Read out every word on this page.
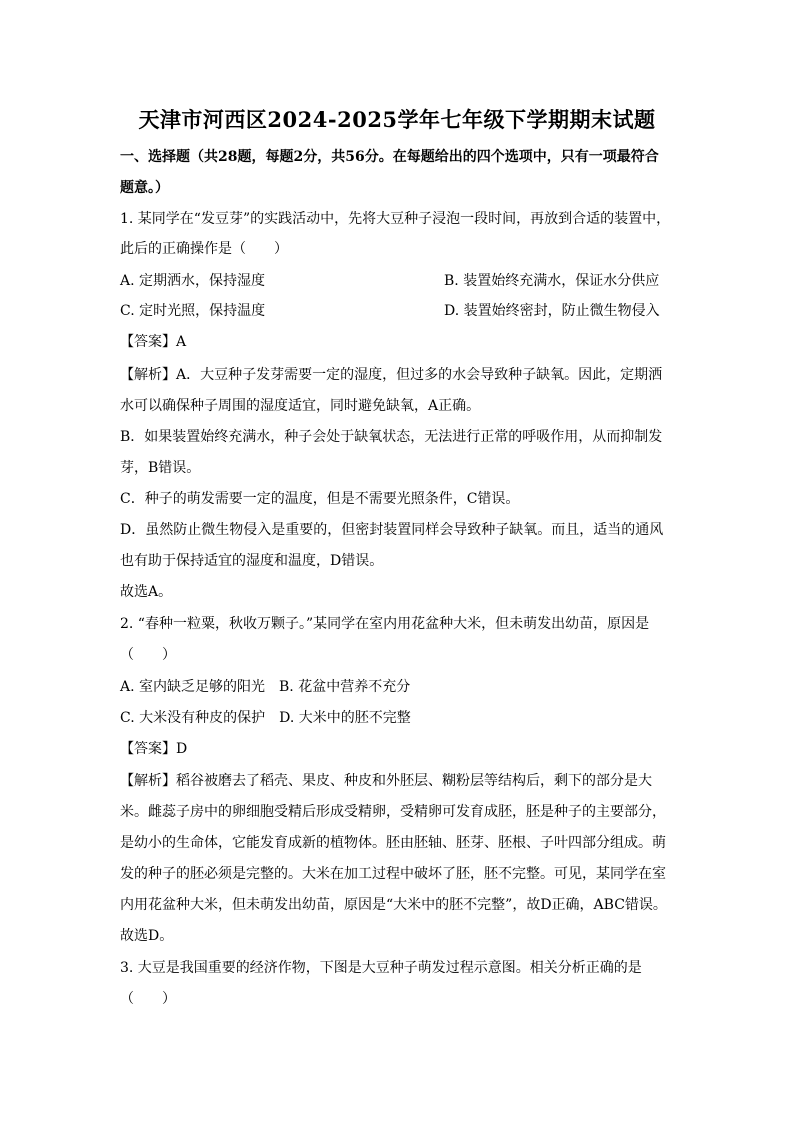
天津市河西区2024-2025学年七年级下学期期末试题
一、选择题（共28题，每题2分，共56分。在每题给出的四个选项中，只有一项最符合
题意。）
1. 某同学在“发豆芽”的实践活动中，先将大豆种子浸泡一段时间，再放到合适的装置中，
此后的正确操作是（　　）
A. 定期洒水，保持湿度	B. 装置始终充满水，保证水分供应
C. 定时光照，保持温度	D. 装置始终密封，防止微生物侵入
【答案】A
【解析】A．大豆种子发芽需要一定的湿度，但过多的水会导致种子缺氧。因此，定期洒
水可以确保种子周围的湿度适宜，同时避免缺氧，A正确。
B．如果装置始终充满水，种子会处于缺氧状态，无法进行正常的呼吸作用，从而抑制发
芽，B错误。
C．种子的萌发需要一定的温度，但是不需要光照条件，C错误。
D．虽然防止微生物侵入是重要的，但密封装置同样会导致种子缺氧。而且，适当的通风
也有助于保持适宜的湿度和温度，D错误。
故选A。
2. “春种一粒粟，秋收万颗子。”某同学在室内用花盆种大米，但未萌发出幼苗，原因是
（　　）
A. 室内缺乏足够的阳光　B. 花盆中营养不充分
C. 大米没有种皮的保护　D. 大米中的胚不完整
【答案】D
【解析】稻谷被磨去了稻壳、果皮、种皮和外胚层、糊粉层等结构后，剩下的部分是大
米。雌蕊子房中的卵细胞受精后形成受精卵，受精卵可发育成胚，胚是种子的主要部分，
是幼小的生命体，它能发育成新的植物体。胚由胚轴、胚芽、胚根、子叶四部分组成。萌
发的种子的胚必须是完整的。大米在加工过程中破坏了胚，胚不完整。可见，某同学在室
内用花盆种大米，但未萌发出幼苗，原因是“大米中的胚不完整”，故D正确，ABC错误。
故选D。
3. 大豆是我国重要的经济作物，下图是大豆种子萌发过程示意图。相关分析正确的是
（　　）
